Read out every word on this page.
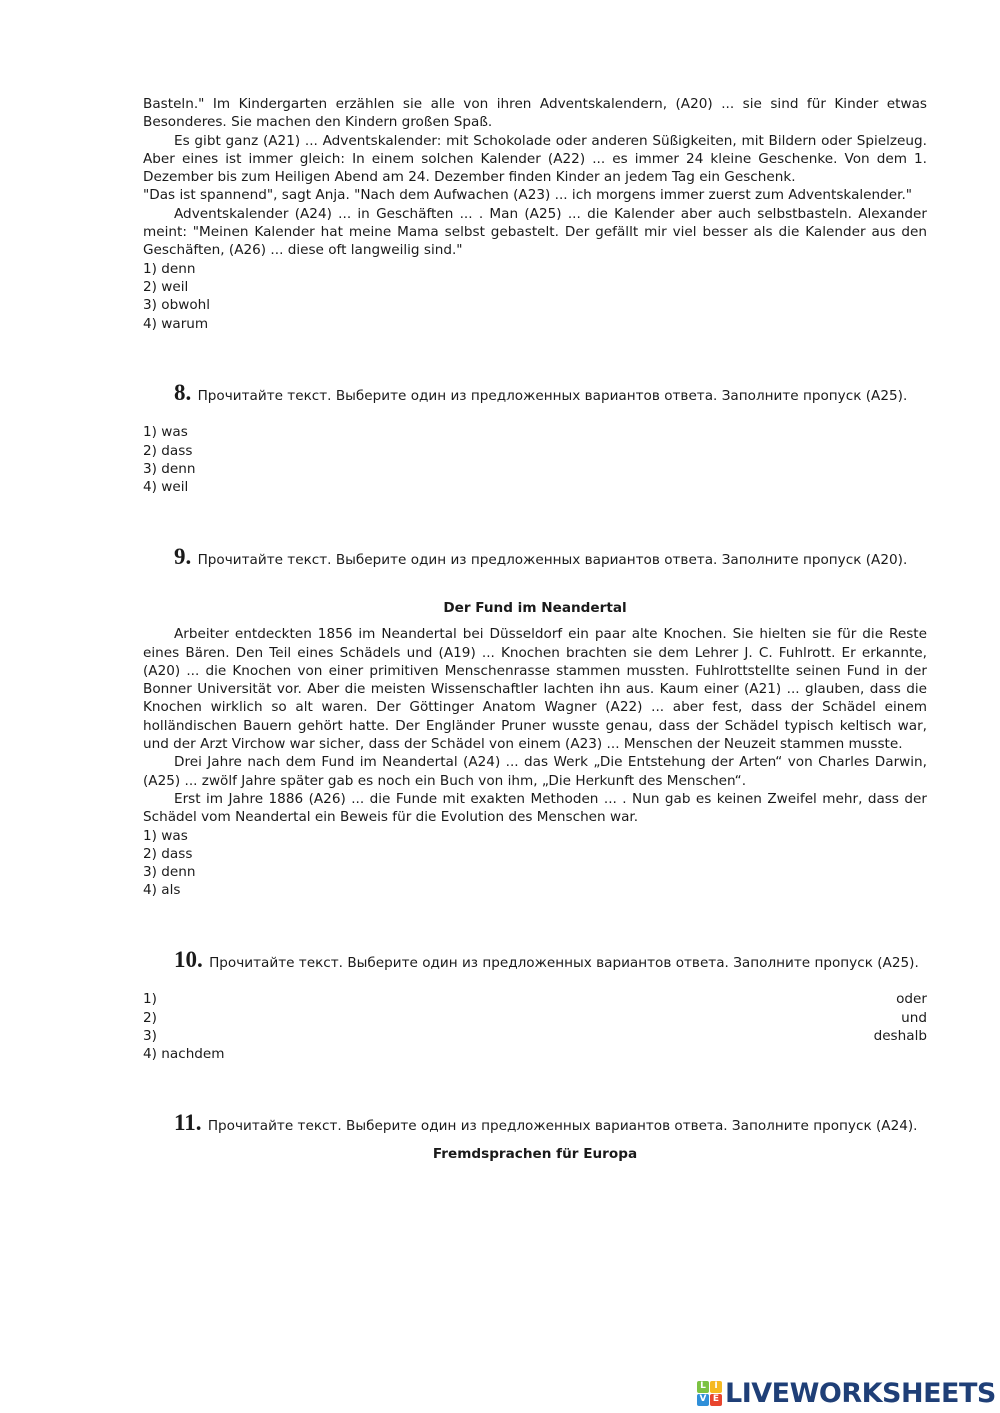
Basteln." Im Kindergarten erzählen sie alle von ihren Adventskalendern, (A20) ... sie sind für Kinder etwas Besonderes. Sie machen den Kindern großen Spaß.

Es gibt ganz (A21) ... Adventskalender: mit Schokolade oder anderen Süßigkeiten, mit Bildern oder Spielzeug. Aber eines ist immer gleich: In einem solchen Kalender (A22) ... es immer 24 kleine Geschenke. Von dem 1. Dezember bis zum Heiligen Abend am 24. Dezember finden Kinder an jedem Tag ein Geschenk.

"Das ist spannend", sagt Anja. "Nach dem Aufwachen (A23) ... ich morgens immer zuerst zum Adventskalender."

Adventskalender (A24) ... in Geschäften ... . Man (A25) ... die Kalender aber auch selbstbasteln. Alexander meint: "Meinen Kalender hat meine Mama selbst gebastelt. Der gefällt mir viel besser als die Kalender aus den Geschäften, (A26) ... diese oft langweilig sind."

1) denn

2) weil

3) obwohl

4) warum

8. Прочитайте текст. Выберите один из предложенных вариантов ответа. Заполните пропуск (A25).

1) was

2) dass

3) denn

4) weil

9. Прочитайте текст. Выберите один из предложенных вариантов ответа. Заполните пропуск (A20).

Der Fund im Neandertal

Arbeiter entdeckten 1856 im Neandertal bei Düsseldorf ein paar alte Knochen. Sie hielten sie für die Reste eines Bären. Den Teil eines Schädels und (A19) ... Knochen brachten sie dem Lehrer J. C. Fuhlrott. Er erkannte, (A20) ... die Knochen von einer primitiven Menschenrasse stammen mussten. Fuhlrottstellte seinen Fund in der Bonner Universität vor. Aber die meisten Wissenschaftler lachten ihn aus. Kaum einer (A21) ... glauben, dass die Knochen wirklich so alt waren. Der Göttinger Anatom Wagner (A22) ... aber fest, dass der Schädel einem holländischen Bauern gehört hatte. Der Engländer Pruner wusste genau, dass der Schädel typisch keltisch war, und der Arzt Virchow war sicher, dass der Schädel von einem (A23) ... Menschen der Neuzeit stammen musste.

Drei Jahre nach dem Fund im Neandertal (A24) ... das Werk „Die Entstehung der Arten“ von Charles Darwin, (A25) ... zwölf Jahre später gab es noch ein Buch von ihm, „Die Herkunft des Menschen“.

Erst im Jahre 1886 (A26) ... die Funde mit exakten Methoden ... . Nun gab es keinen Zweifel mehr, dass der Schädel vom Neandertal ein Beweis für die Evolution des Menschen war.

1) was

2) dass

3) denn

4) als

10. Прочитайте текст. Выберите один из предложенных вариантов ответа. Заполните пропуск (A25).

1)	oder
2)	und
3)	deshalb

4) nachdem

11. Прочитайте текст. Выберите один из предложенных вариантов ответа. Заполните пропуск (A24).

Fremdsprachen für Europa

L I
V E LIVEWORKSHEETS
